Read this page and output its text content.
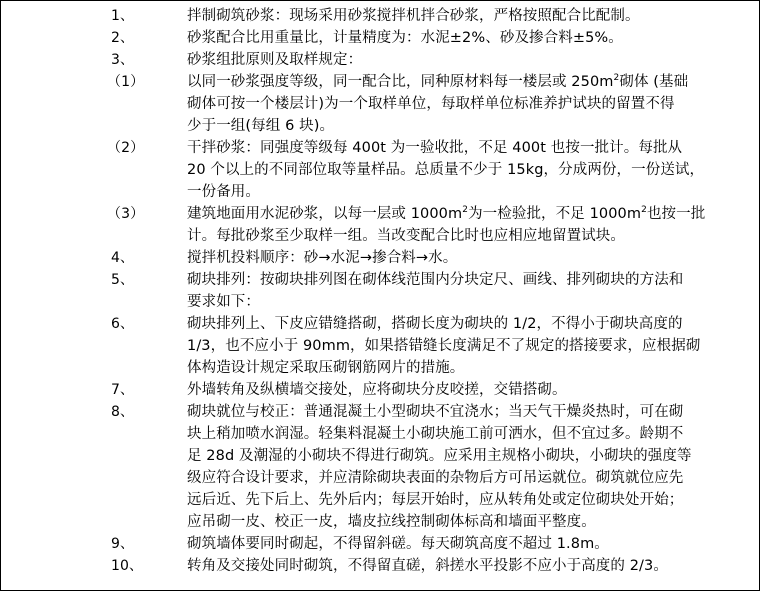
1、	拌制砌筑砂浆：现场采用砂浆搅拌机拌合砂浆，严格按照配合比配制。
2、	砂浆配合比用重量比，计量精度为：水泥±2%、砂及掺合料±5%。
3、	砂浆组批原则及取样规定：
（1）	以同一砂浆强度等级，同一配合比，同种原材料每一楼层或 $250m^2$砌体 (基础
砌体可按一个楼层计)为一个取样单位，每取样单位标准养护试块的留置不得
少于一组(每组 6 块)。
（2）	干拌砂浆：同强度等级每 400t 为一验收批，不足 400t 也按一批计。每批从
20 个以上的不同部位取等量样品。总质量不少于 15kg，分成两份，一份送试，
一份备用。
（3）	建筑地面用水泥砂浆，以每一层或 $1000m^2$为一检验批，不足 $1000m^2$也按一批
计。每批砂浆至少取样一组。当改变配合比时也应相应地留置试块。
4、	搅拌机投料顺序：砂→水泥→掺合料→水。
5、	砌块排列：按砌块排列图在砌体线范围内分块定尺、画线、排列砌块的方法和
要求如下：
6、	砌块排列上、下皮应错缝搭砌，搭砌长度为砌块的 1/2，不得小于砌块高度的
1/3，也不应小于 90mm，如果搭错缝长度满足不了规定的搭接要求，应根据砌
体构造设计规定采取压砌钢筋网片的措施。
7、	外墙转角及纵横墙交接处，应将砌块分皮咬搓，交错搭砌。
8、	砌块就位与校正：普通混凝土小型砌块不宜浇水；当天气干燥炎热时，可在砌
块上稍加喷水润湿。轻集料混凝土小砌块施工前可洒水，但不宜过多。龄期不
足 28d 及潮湿的小砌块不得进行砌筑。应采用主规格小砌块，小砌块的强度等
级应符合设计要求，并应清除砌块表面的杂物后方可吊运就位。砌筑就位应先
远后近、先下后上、先外后内；每层开始时，应从转角处或定位砌块处开始；
应吊砌一皮、校正一皮，墙皮拉线控制砌体标高和墙面平整度。
9、	砌筑墙体要同时砌起，不得留斜磋。每天砌筑高度不超过 1.8m。
10、	转角及交接处同时砌筑，不得留直磋，斜搓水平投影不应小于高度的 2/3。
